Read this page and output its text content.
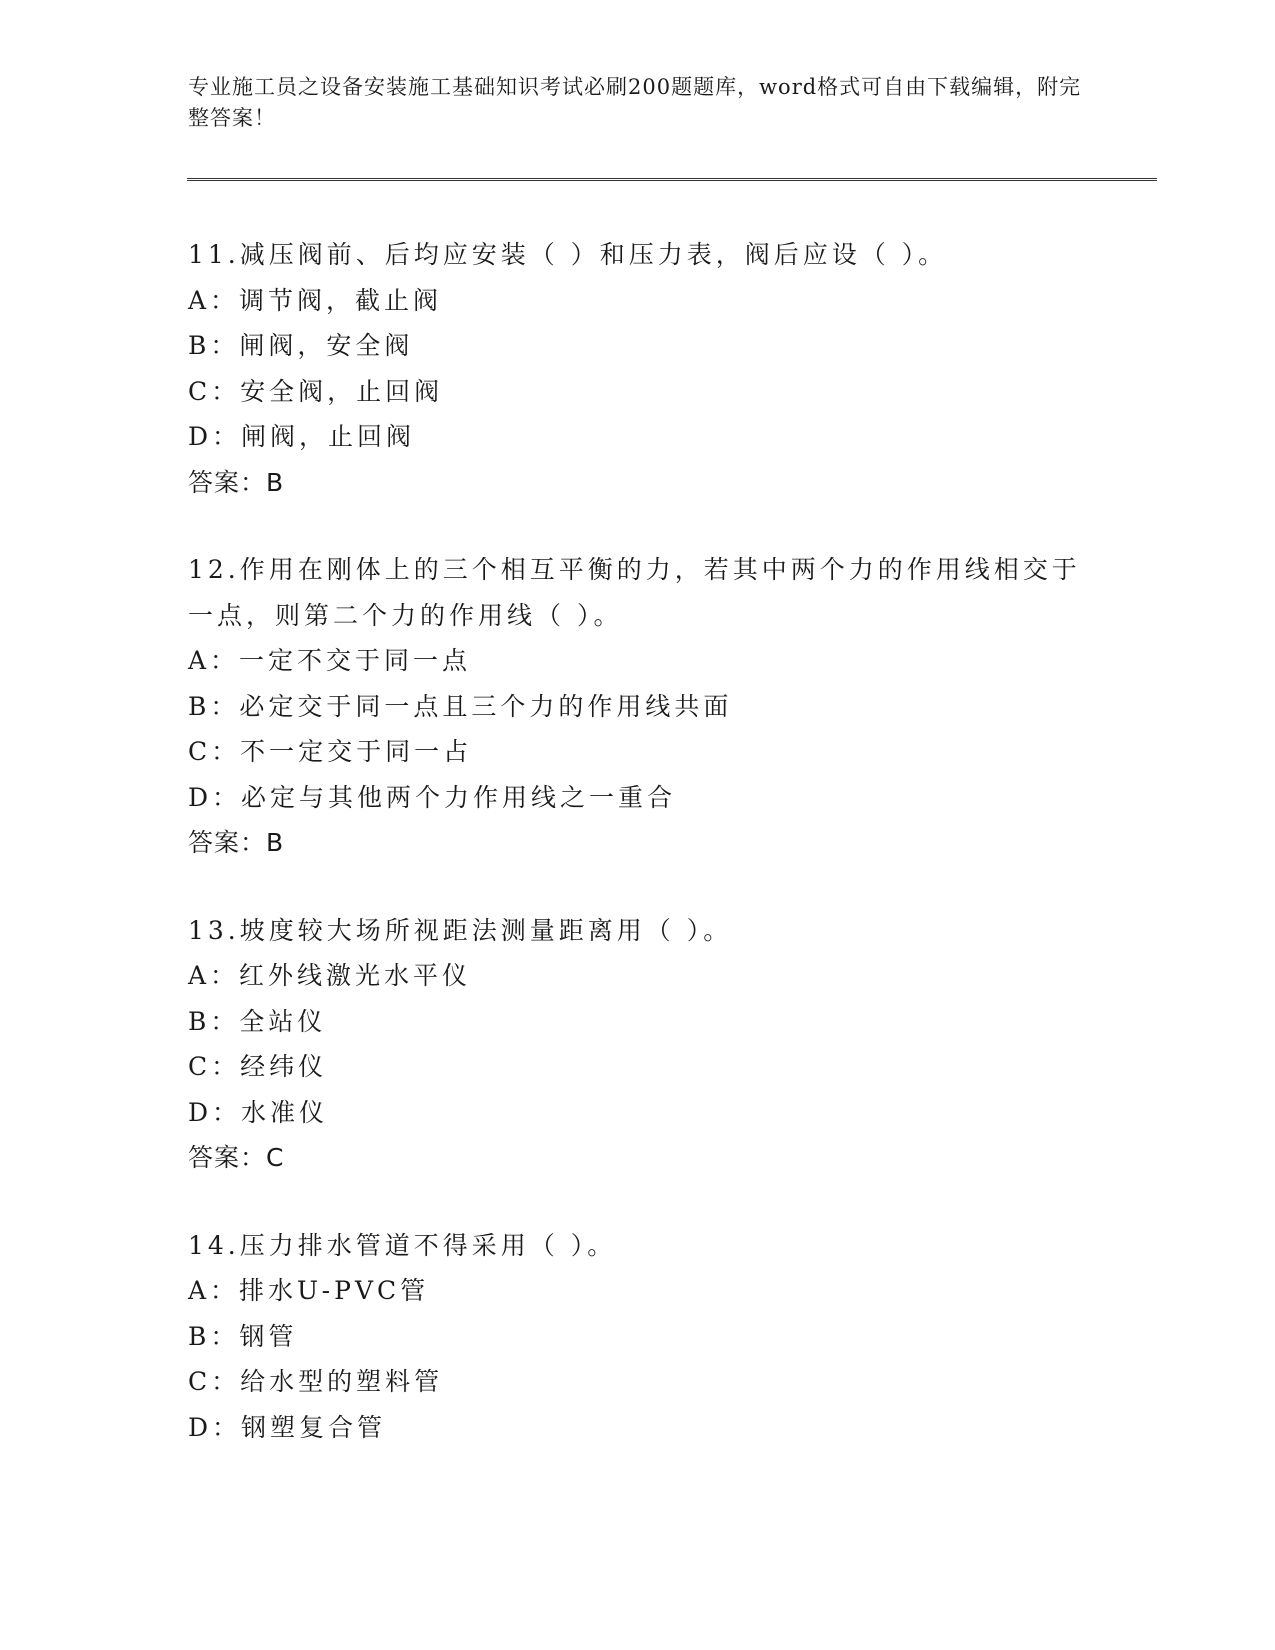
专业施工员之设备安装施工基础知识考试必刷200题题库，word格式可自由下载编辑，附完整答案！
11.减压阀前、后均应安装（ ）和压力表，阀后应设（ ）。
A：调节阀，截止阀
B：闸阀，安全阀
C：安全阀，止回阀
D：闸阀，止回阀
答案：B
12.作用在刚体上的三个相互平衡的力，若其中两个力的作用线相交于一点，则第二个力的作用线（ ）。
A：一定不交于同一点
B：必定交于同一点且三个力的作用线共面
C：不一定交于同一占
D：必定与其他两个力作用线之一重合
答案：B
13.坡度较大场所视距法测量距离用（ ）。
A：红外线激光水平仪
B：全站仪
C：经纬仪
D：水准仪
答案：C
14.压力排水管道不得采用（ ）。
A：排水U-PVC管
B：钢管
C：给水型的塑料管
D：钢塑复合管
